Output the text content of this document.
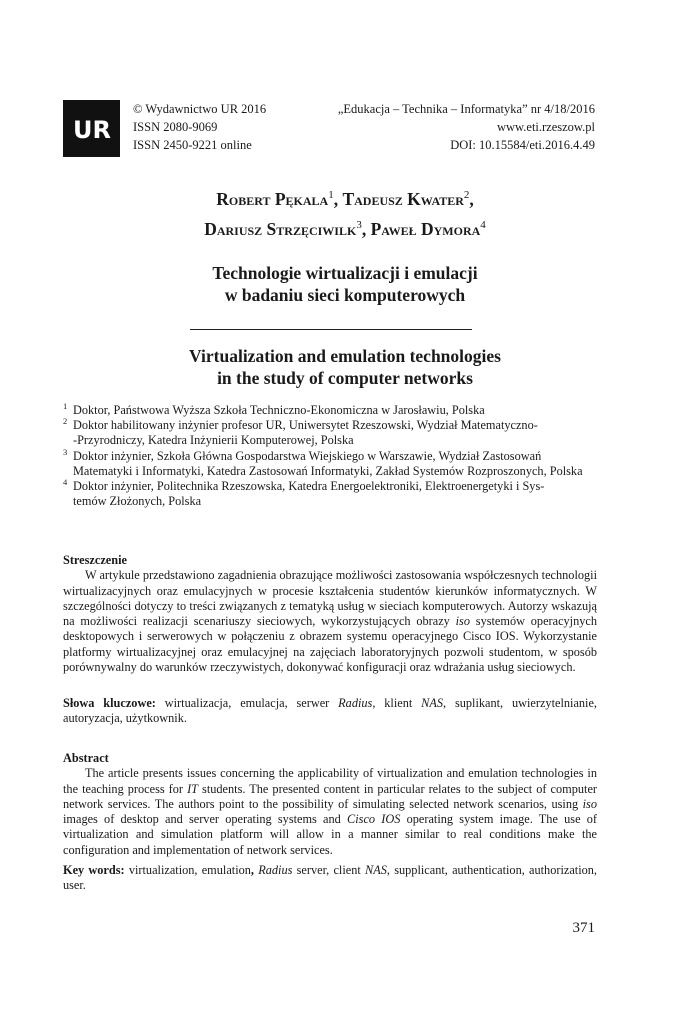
UR
© Wydawnictwo UR 2016
ISSN 2080-9069
ISSN 2450-9221 online
„Edukacja – Technika – Informatyka” nr 4/18/2016
www.eti.rzeszow.pl
DOI: 10.15584/eti.2016.4.49
Robert Pękala$^1$, Tadeusz Kwater$^2$,
Dariusz Strzęciwilk$^3$, Paweł Dymora$^4$
Technologie wirtualizacji i emulacji
w badaniu sieci komputerowych
Virtualization and emulation technologies
in the study of computer networks
1 Doktor, Państwowa Wyższa Szkoła Techniczno-Ekonomiczna w Jarosławiu, Polska
2 Doktor habilitowany inżynier profesor UR, Uniwersytet Rzeszowski, Wydział Matematyczno-
-Przyrodniczy, Katedra Inżynierii Komputerowej, Polska
3 Doktor inżynier, Szkoła Główna Gospodarstwa Wiejskiego w Warszawie, Wydział Zastosowań
Matematyki i Informatyki, Katedra Zastosowań Informatyki, Zakład Systemów Rozproszonych, Polska
4 Doktor inżynier, Politechnika Rzeszowska, Katedra Energoelektroniki, Elektroenergetyki i Sys-
temów Złożonych, Polska
Streszczenie

W artykule przedstawiono zagadnienia obrazujące możliwości zastosowania współczesnych technologii wirtualizacyjnych oraz emulacyjnych w procesie kształcenia studentów kierunków informatycznych. W szczególności dotyczy to treści związanych z tematyką usług w sieciach komputerowych. Autorzy wskazują na możliwości realizacji scenariuszy sieciowych, wykorzystujących obrazy iso systemów operacyjnych desktopowych i serwerowych w połączeniu z obrazem systemu operacyjnego Cisco IOS. Wykorzystanie platformy wirtualizacyjnej oraz emulacyjnej na zajęciach laboratoryjnych pozwoli studentom, w sposób porównywalny do warunków rzeczywistych, dokonywać konfiguracji oraz wdrażania usług sieciowych.

Słowa kluczowe: wirtualizacja, emulacja, serwer Radius, klient NAS, suplikant, uwierzytelnianie, autoryzacja, użytkownik.

Abstract

The article presents issues concerning the applicability of virtualization and emulation technologies in the teaching process for IT students. The presented content in particular relates to the subject of computer network services. The authors point to the possibility of simulating selected network scenarios, using iso images of desktop and server operating systems and Cisco IOS operating system image. The use of virtualization and simulation platform will allow in a manner similar to real conditions make the configuration and implementation of network services.

Key words: virtualization, emulation, Radius server, client NAS, supplicant, authentication, authorization, user.

371
